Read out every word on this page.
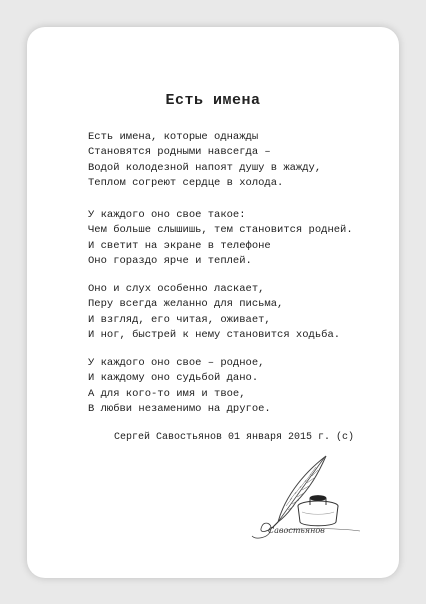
Есть имена
Есть имена, которые однажды
Становятся родными навсегда –
Водой колодезной напоят душу в жажду,
Теплом согреют сердце в холода.
У каждого оно свое такое:
Чем больше слышишь, тем становится родней.
И светит на экране в телефоне
Оно гораздо ярче и теплей.
Оно и слух особенно ласкает,
Перу всегда желанно для письма,
И взгляд, его читая, оживает,
И ног, быстрей к нему становится ходьба.
У каждого оно свое – родное,
И каждому оно судьбой дано.
А для кого-то имя и твое,
В любви незаменимо на другое.
Сергей Савостьянов 01 января 2015 г. (с)
Савостьянов
